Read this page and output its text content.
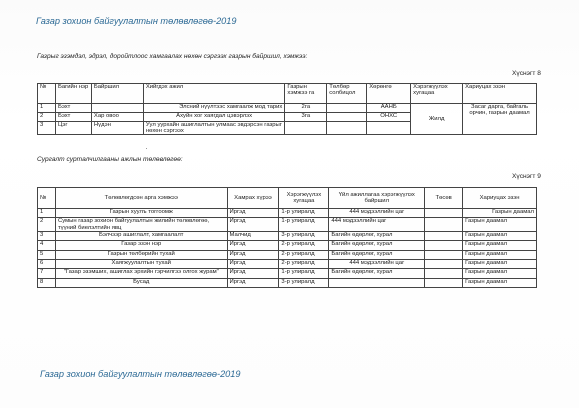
Газар зохион байгуулалтын төлөвлөгөө-2019
Газрыг эзэмдэл, эдрэл, доройтлоос хамгаалах нөхөн сэргээх газрын байршил, хэмжээ:
Хүснэгт 8
№	Багийн нэр	Байршил	Хийгдэх ажил	Газрын хэмжээ га	Төлбөр солбицол	Хөрөнгө	Хэрэгжүүлэх хугацаа	Хариуцах эзэн
1	Бэхт		Элсний нүүлтээс хамгаалж мод тарих	2га		ААНБ	Жилд	Засаг дарга, байгаль орчин, газрын даамал
2	Бэхт	Хар овоо	Ахуйн хог хаягдал цэвэрлэх	3га		ОНХС		
3	Цэг	Нүдэн	Уул уурхайн ашиглалтын улмаас эвдэрсэн газрыг нөхөн сэргээх					
Сургалт сурталчилгааны ажлын төлөвлөгөө:
Хүснэгт 9
№	Төлөвлөгдсөн арга хэмжээ	Хамрах хүрээ	Хэрэгжүүлэх хугацаа	Үйл ажиллагаа хэрэгжүүлэх байршил	Төсөв	Хариуцах эзэн
1	Газрын хуулъ тоггоомж	Иргэд	1-р улиралд	444 мэдээллийн цаг		Газрын даамал
2	Сумын газар зохион байгуулалтын жилийн төлөвлөгөө, түүний биелэлтийн явц	Иргэд	1-р улиралд	444 мэдээллийн цаг		Газрын даамал
3	Бэлчээр ашиглалт, хамгаалалт	Малчид	3-р улиралд	Багийн өдөрлөг, хурал		Газрын даамал
4	Газар эзэн нэр	Иргэд	2-р улиралд	Багийн өдөрлөг, хурал		Газрын даамал
5	Газрын төлбөрийн тухай	Иргэд	2-р улиралд	Багийн өдөрлөг, хурал		Газрын даамал
6	Хаягжуулалтын тухай	Иргэд	2-р улиралд	444 мэдээллийн цаг		Газрын даамал
7	"Газар эзэмших, ашиглах эрхийн гэрчилгээ олгох журам"	Иргэд	1-р улиралд	Багийн өдөрлөг, хурал		Газрын даамал
8	Бусад	Иргэд	3-р улиралд			Газрын даамал
Газар зохион байгуулалтын төлөвлөгөө-2019
